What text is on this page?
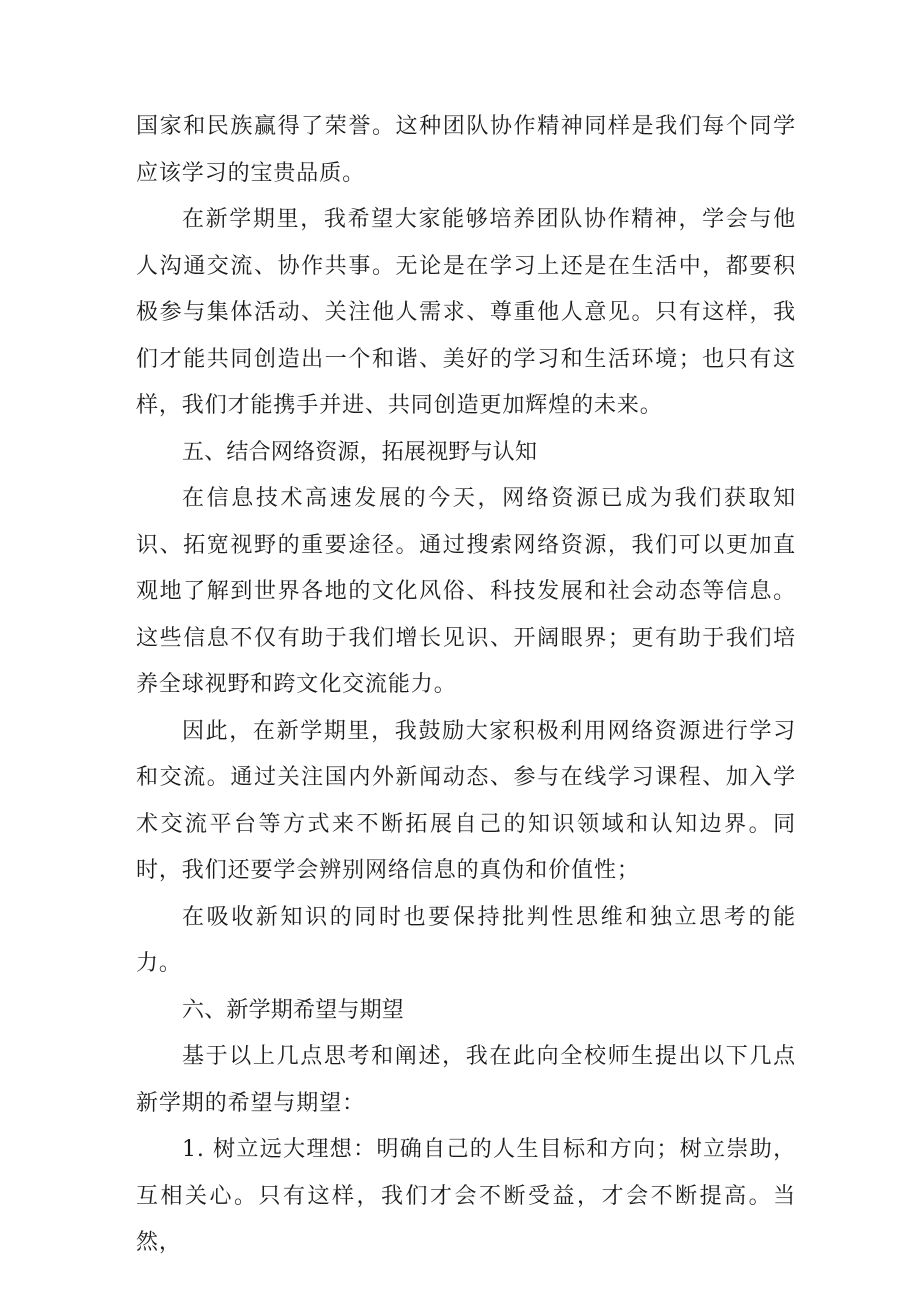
国家和民族赢得了荣誉。这种团队协作精神同样是我们每个同学应该学习的宝贵品质。

在新学期里，我希望大家能够培养团队协作精神，学会与他人沟通交流、协作共事。无论是在学习上还是在生活中，都要积极参与集体活动、关注他人需求、尊重他人意见。只有这样，我们才能共同创造出一个和谐、美好的学习和生活环境；也只有这样，我们才能携手并进、共同创造更加辉煌的未来。

五、结合网络资源，拓展视野与认知

在信息技术高速发展的今天，网络资源已成为我们获取知识、拓宽视野的重要途径。通过搜索网络资源，我们可以更加直观地了解到世界各地的文化风俗、科技发展和社会动态等信息。这些信息不仅有助于我们增长见识、开阔眼界；更有助于我们培养全球视野和跨文化交流能力。

因此，在新学期里，我鼓励大家积极利用网络资源进行学习和交流。通过关注国内外新闻动态、参与在线学习课程、加入学术交流平台等方式来不断拓展自己的知识领域和认知边界。同时，我们还要学会辨别网络信息的真伪和价值性；

在吸收新知识的同时也要保持批判性思维和独立思考的能力。

六、新学期希望与期望

基于以上几点思考和阐述，我在此向全校师生提出以下几点新学期的希望与期望：

1. 树立远大理想：明确自己的人生目标和方向；树立崇助，互相关心。只有这样，我们才会不断受益，才会不断提高。当然，
